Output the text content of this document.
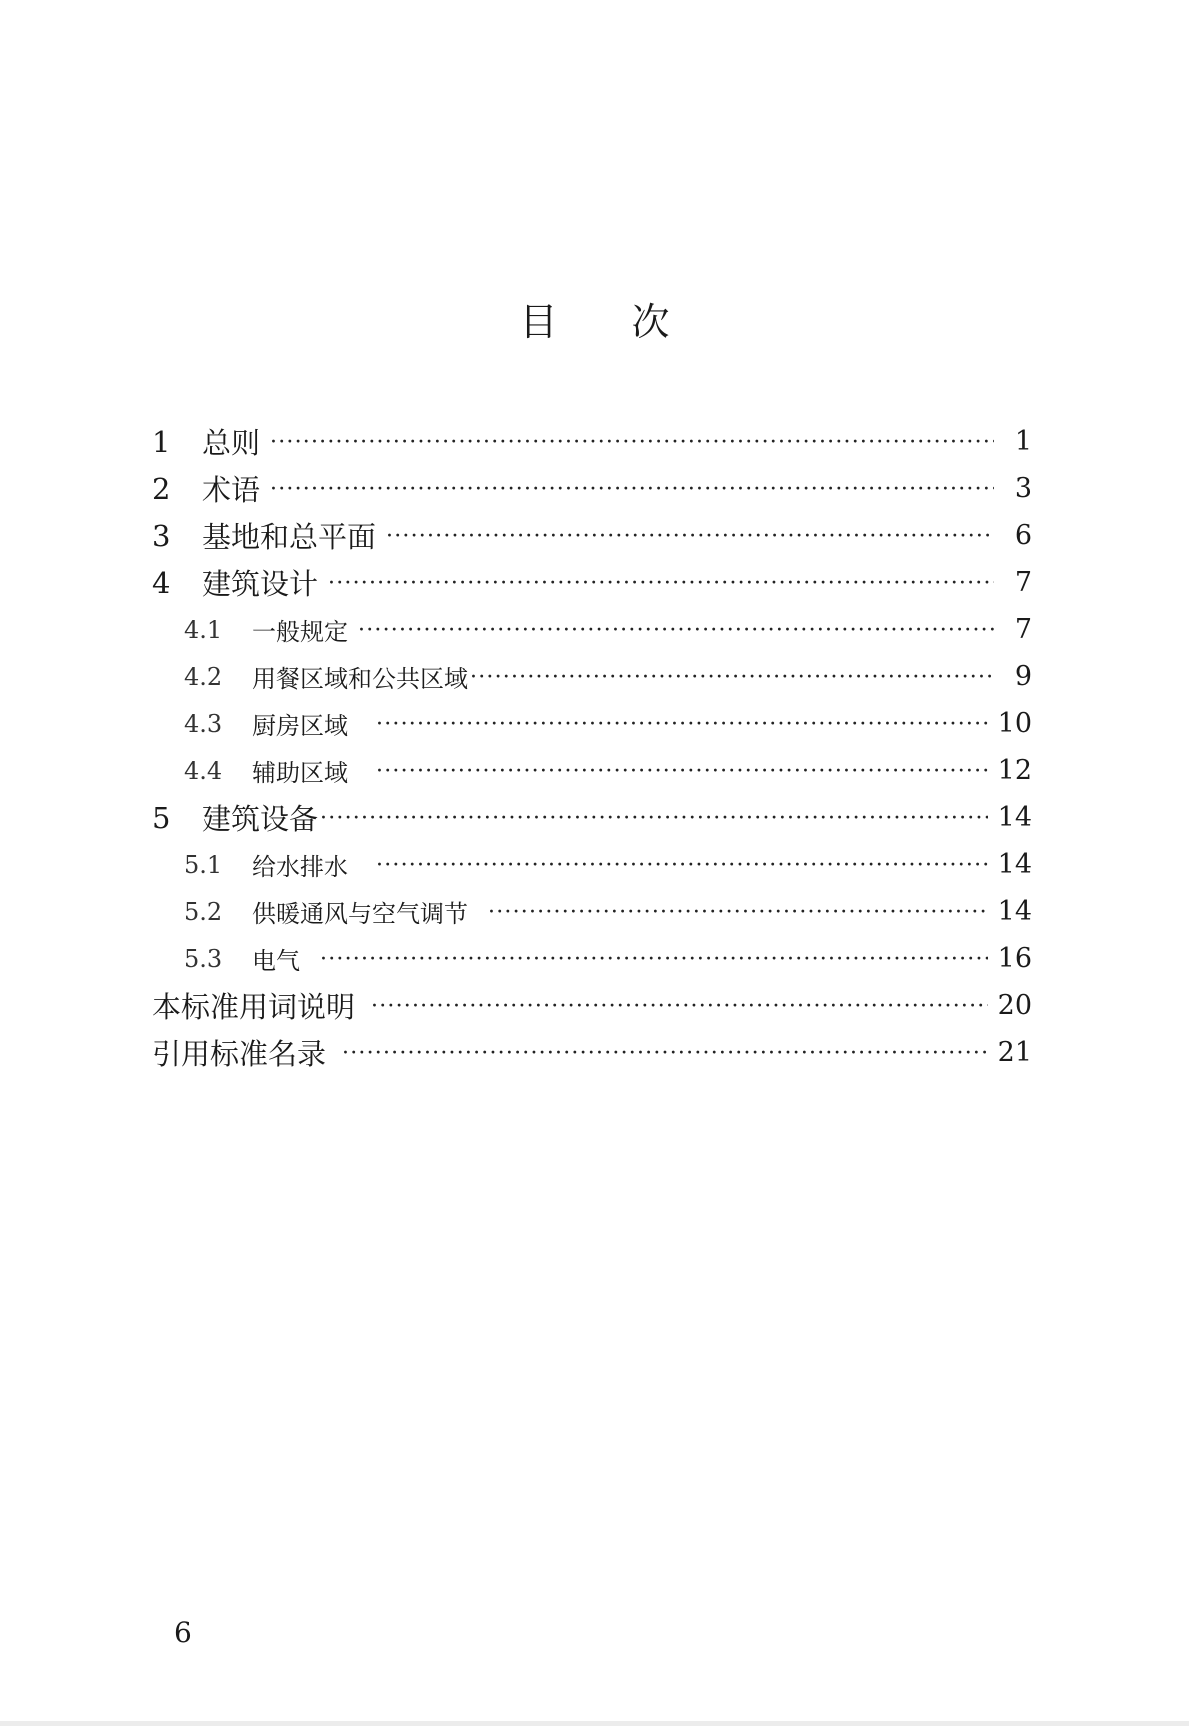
目 次
1	总则 ·····	1
2	术语 ·····	3
3	基地和总平面 ·····	6
4	建筑设计 ·····	7
4.1	一般规定 ·····	7
4.2	用餐区域和公共区域 ·····	9
4.3	厨房区域 ·····	10
4.4	辅助区域 ·····	12
5	建筑设备 ·····	14
5.1	给水排水 ·····	14
5.2	供暖通风与空气调节 ·····	14
5.3	电气 ·····	16
本标准用词说明 ·····	20
引用标准名录 ·····	21
6
